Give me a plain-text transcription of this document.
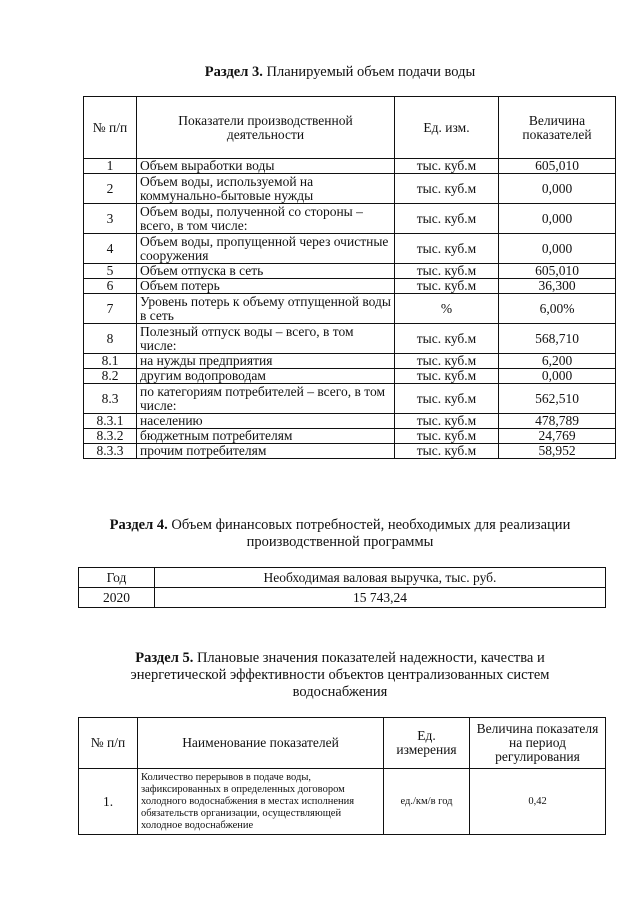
Раздел 3. Планируемый объем подачи воды
№ п/п	Показатели производственной деятельности	Ед. изм.	Величина показателей
1	Объем выработки воды	тыс. куб.м	605,010
2	Объем воды, используемой на коммунально-бытовые нужды	тыс. куб.м	0,000
3	Объем воды, полученной со стороны – всего, в том числе:	тыс. куб.м	0,000
4	Объем воды, пропущенной через очистные сооружения	тыс. куб.м	0,000
5	Объем отпуска в сеть	тыс. куб.м	605,010
6	Объем потерь	тыс. куб.м	36,300
7	Уровень потерь к объему отпущенной воды в сеть	%	6,00%
8	Полезный отпуск воды – всего, в том числе:	тыс. куб.м	568,710
8.1	на нужды предприятия	тыс. куб.м	6,200
8.2	другим водопроводам	тыс. куб.м	0,000
8.3	по категориям потребителей – всего, в том числе:	тыс. куб.м	562,510
8.3.1	населению	тыс. куб.м	478,789
8.3.2	бюджетным потребителям	тыс. куб.м	24,769
8.3.3	прочим потребителям	тыс. куб.м	58,952
Раздел 4. Объем финансовых потребностей, необходимых для реализации
производственной программы
Год	Необходимая валовая выручка, тыс. руб.
2020	15 743,24
Раздел 5. Плановые значения показателей надежности, качества и
энергетической эффективности объектов централизованных систем
водоснабжения
№ п/п	Наименование показателей	Ед. измерения	Величина показателя на период регулирования
1.	Количество перерывов в подаче воды, зафиксированных в определенных договором холодного водоснабжения в местах исполнения обязательств организации, осуществляющей холодное водоснабжение	ед./км/в год	0,42
